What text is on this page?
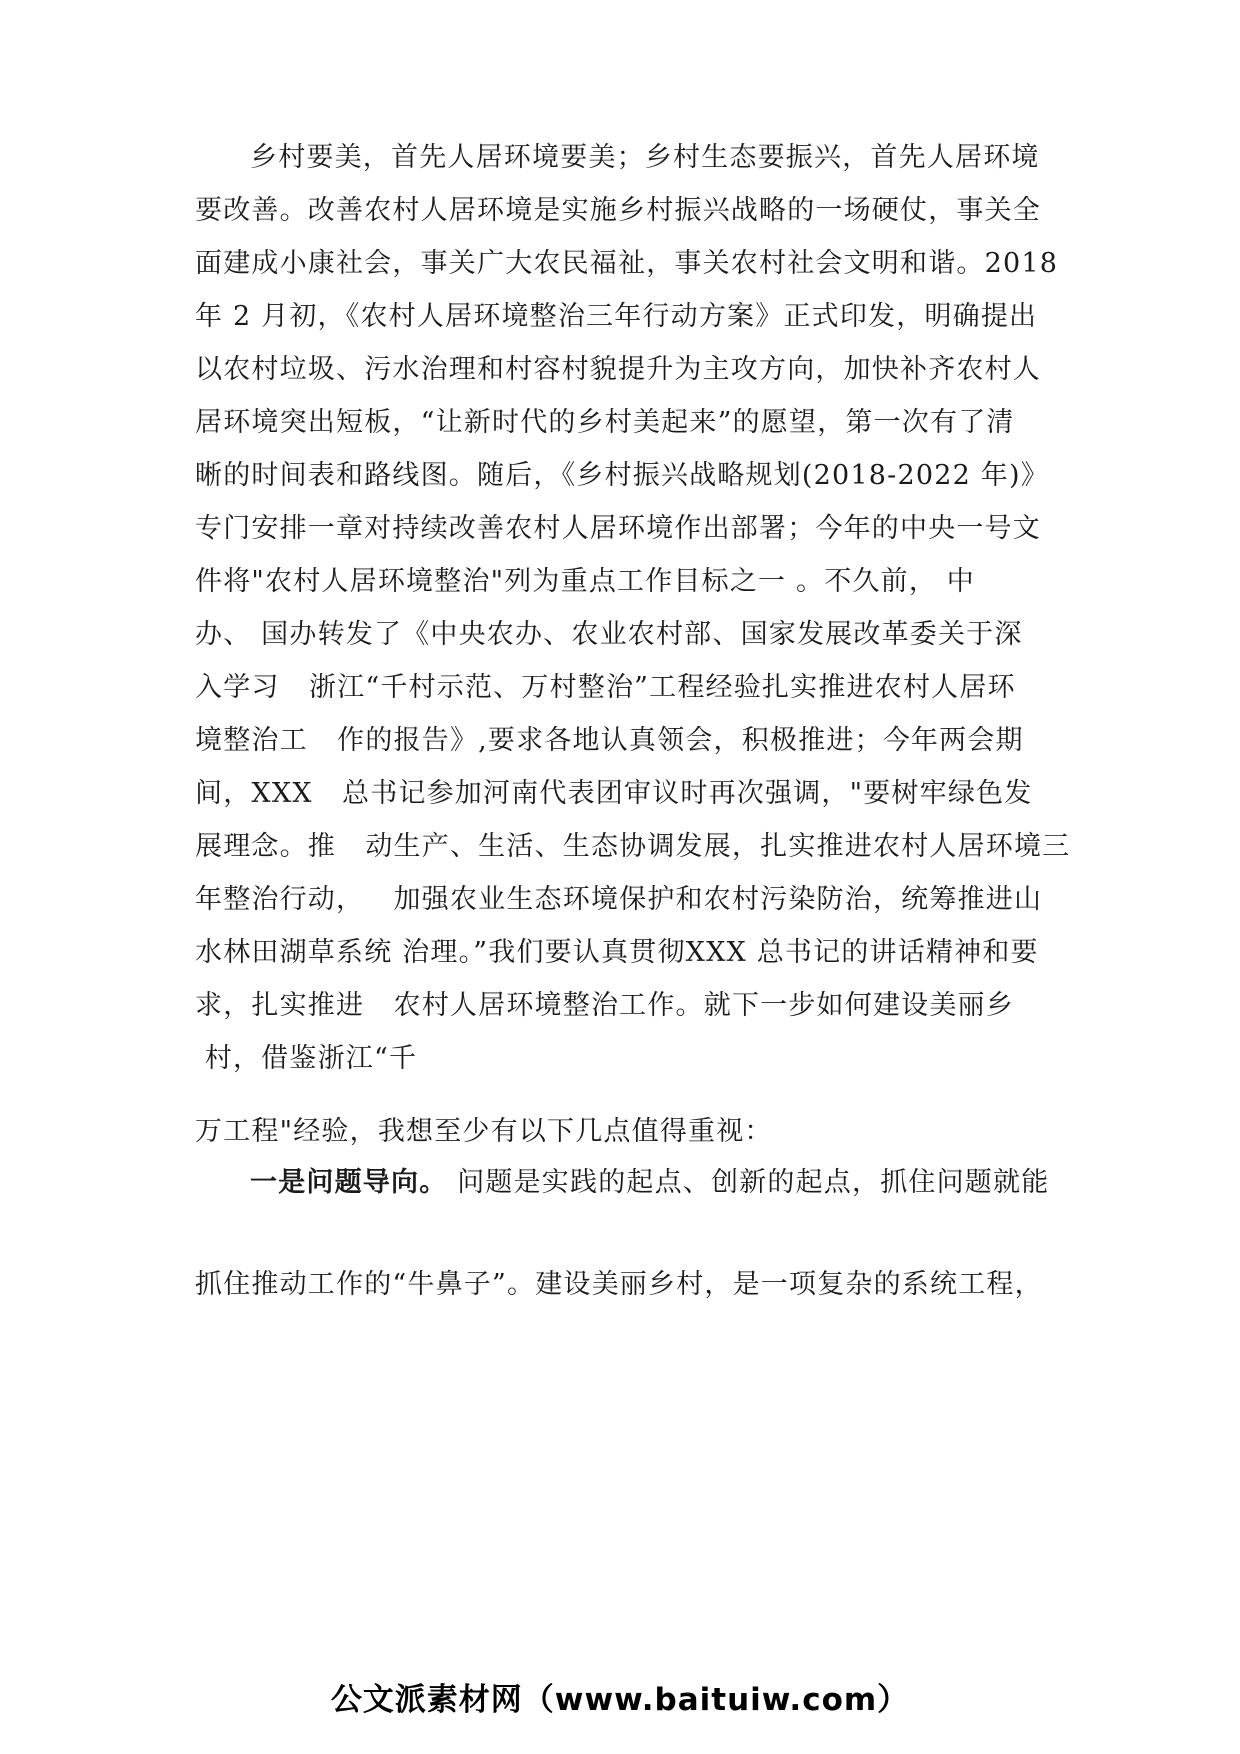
乡村要美，首先人居环境要美；乡村生态要振兴，首先人居环境
要改善。改善农村人居环境是实施乡村振兴战略的一场硬仗，事关全
面建成小康社会，事关广大农民福祉，事关农村社会文明和谐。2018
年 2 月初，《农村人居环境整治三年行动方案》正式印发，明确提出
以农村垃圾、污水治理和村容村貌提升为主攻方向，加快补齐农村人
居环境突出短板，“让新时代的乡村美起来”的愿望，第一次有了清
晰的时间表和路线图。随后，《乡村振兴战略规划(2018-2022 年)》
专门安排一章对持续改善农村人居环境作出部署；今年的中央一号文
件将"农村人居环境整治"列为重点工作目标之一 。不久前， 中
办、 国办转发了《中央农办、农业农村部、国家发展改革委关于深
入学习   浙江“千村示范、万村整治”工程经验扎实推进农村人居环
境整治工   作的报告》,要求各地认真领会，积极推进；今年两会期
间，XXX   总书记参加河南代表团审议时再次强调，"要树牢绿色发
展理念。推   动生产、生活、生态协调发展，扎实推进农村人居环境三
年整治行动，   加强农业生态环境保护和农村污染防治，统筹推进山
水林田湖草系统 治理。”我们要认真贯彻XXX 总书记的讲话精神和要
求，扎实推进   农村人居环境整治工作。就下一步如何建设美丽乡
村，借鉴浙江“千
万工程"经验，我想至少有以下几点值得重视：
一是问题导向。 问题是实践的起点、创新的起点，抓住问题就能
抓住推动工作的“牛鼻子”。建设美丽乡村，是一项复杂的系统工程，
公文派素材网（www.baituiw.com）
